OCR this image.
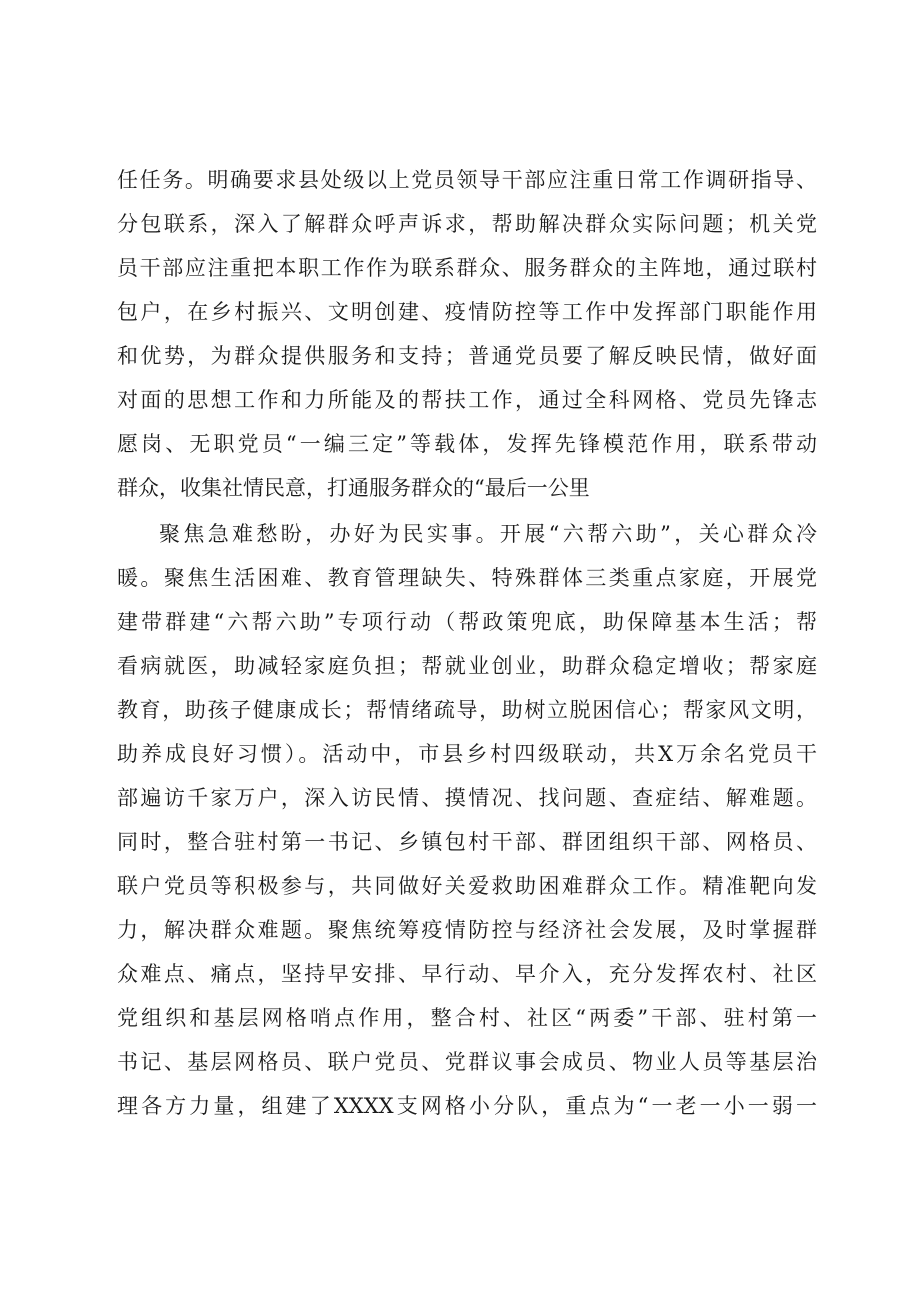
任任务。明确要求县处级以上党员领导干部应注重日常工作调研指导、
分包联系，深入了解群众呼声诉求，帮助解决群众实际问题；机关党
员干部应注重把本职工作作为联系群众、服务群众的主阵地，通过联村
包户，在乡村振兴、文明创建、疫情防控等工作中发挥部门职能作用
和优势，为群众提供服务和支持；普通党员要了解反映民情，做好面
对面的思想工作和力所能及的帮扶工作，通过全科网格、党员先锋志
愿岗、无职党员“一编三定”等载体，发挥先锋模范作用，联系带动
群众，收集社情民意，打通服务群众的“最后一公里
聚焦急难愁盼，办好为民实事。开展“六帮六助”，关心群众冷
暖。聚焦生活困难、教育管理缺失、特殊群体三类重点家庭，开展党
建带群建“六帮六助”专项行动（帮政策兜底，助保障基本生活；帮
看病就医，助减轻家庭负担；帮就业创业，助群众稳定增收；帮家庭
教育，助孩子健康成长；帮情绪疏导，助树立脱困信心；帮家风文明，
助养成良好习惯）。活动中，市县乡村四级联动，共X万余名党员干
部遍访千家万户，深入访民情、摸情况、找问题、查症结、解难题。
同时，整合驻村第一书记、乡镇包村干部、群团组织干部、网格员、
联户党员等积极参与，共同做好关爱救助困难群众工作。精准靶向发
力，解决群众难题。聚焦统筹疫情防控与经济社会发展，及时掌握群
众难点、痛点，坚持早安排、早行动、早介入，充分发挥农村、社区
党组织和基层网格哨点作用，整合村、社区“两委”干部、驻村第一
书记、基层网格员、联户党员、党群议事会成员、物业人员等基层治
理各方力量，组建了XXXX支网格小分队，重点为“一老一小一弱一
